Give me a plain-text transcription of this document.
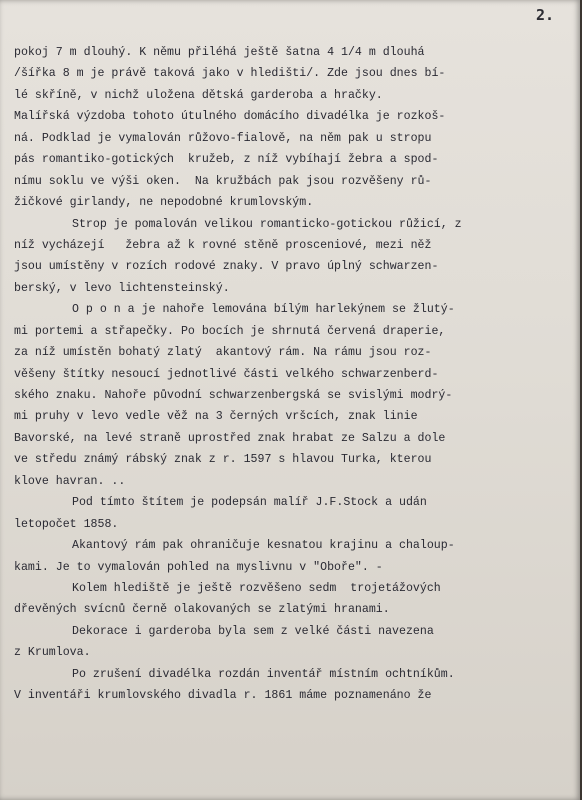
2.
pokoj 7 m dlouhý. K němu přiléhá ještě šatna 4 1/4 m dlouhá
/šířka 8 m je právě taková jako v hledišti/. Zde jsou dnes bí-
lé skříně, v nichž uložena dětská garderoba a hračky.
Malířská výzdoba tohoto útulného domácího divadélka je rozkoš-
ná. Podklad je vymalován růžovo-fialově, na něm pak u stropu
pás romantiko-gotických  kružeb, z níž vybíhají žebra a spod-
nímu soklu ve výši oken.  Na kružbách pak jsou rozvěšeny rů-
žičkové girlandy, ne nepodobné krumlovským.
Strop je pomalován velikou romanticko-gotickou růžicí, z
níž vycházejí   žebra až k rovné stěně prosceniové, mezi něž
jsou umístěny v rozích rodové znaky. V pravo úplný schwarzen-
berský, v levo lichtensteinský.
O p o n a je nahoře lemována bílým harlekýnem se žlutý-
mi portemi a střapečky. Po bocích je shrnutá červená draperie,
za níž umístěn bohatý zlatý  akantový rám. Na rámu jsou roz-
věšeny štítky nesoucí jednotlivé části velkého schwarzenberd-
ského znaku. Nahoře původní schwarzenbergská se svislými modrý-
mi pruhy v levo vedle věž na 3 černých vršcích, znak linie
Bavorské, na levé straně uprostřed znak hrabat ze Salzu a dole
ve středu známý rábský znak z r. 1597 s hlavou Turka, kterou
klove havran. ..
Pod tímto štítem je podepsán malíř J.F.Stock a udán
letopočet 1858.
Akantový rám pak ohraničuje kesnatou krajinu a chaloup-
kami. Je to vymalován pohled na myslivnu v "Oboře". -
Kolem hlediště je ještě rozvěšeno sedm  trojetážových
dřevěných svícnů černě olakovaných se zlatými hranami.
Dekorace i garderoba byla sem z velké části navezena
z Krumlova.
Po zrušení divadélka rozdán inventář místním ochtníkům.
V inventáři krumlovského divadla r. 1861 máme poznamenáno že
